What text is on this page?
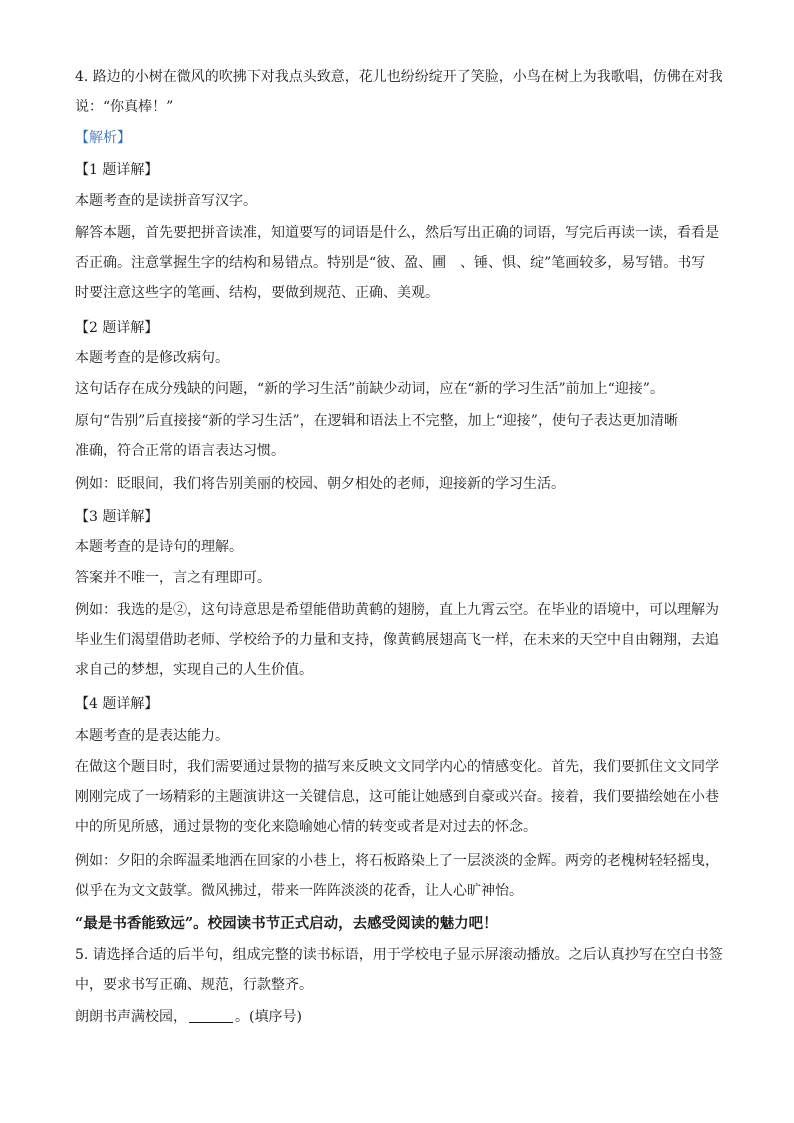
4. 路边的小树在微风的吹拂下对我点头致意，花儿也纷纷绽开了笑脸，小鸟在树上为我歌唱，仿佛在对我
说：“你真棒！”

【解析】

【1 题详解】

本题考查的是读拼音写汉字。

解答本题，首先要把拼音读准，知道要写的词语是什么，然后写出正确的词语，写完后再读一读，看看是
否正确。注意掌握生字的结构和易错点。特别是“彼、盈、圃　、锤、惧、绽”笔画较多，易写错。书写
时要注意这些字的笔画、结构，要做到规范、正确、美观。

【2 题详解】

本题考查的是修改病句。

这句话存在成分残缺的问题，“新的学习生活”前缺少动词，应在“新的学习生活”前加上“迎接”。

原句“告别”后直接接“新的学习生活”，在逻辑和语法上不完整，加上“迎接”，使句子表达更加清晰
准确，符合正常的语言表达习惯。

例如：眨眼间，我们将告别美丽的校园、朝夕相处的老师，迎接新的学习生活。

【3 题详解】

本题考查的是诗句的理解。

答案并不唯一，言之有理即可。

例如：我选的是②，这句诗意思是希望能借助黄鹤的翅膀，直上九霄云空。在毕业的语境中，可以理解为
毕业生们渴望借助老师、学校给予的力量和支持，像黄鹤展翅高飞一样，在未来的天空中自由翱翔，去追
求自己的梦想，实现自己的人生价值。

【4 题详解】

本题考查的是表达能力。

在做这个题目时，我们需要通过景物的描写来反映文文同学内心的情感变化。首先，我们要抓住文文同学
刚刚完成了一场精彩的主题演讲这一关键信息，这可能让她感到自豪或兴奋。接着，我们要描绘她在小巷
中的所见所感，通过景物的变化来隐喻她心情的转变或者是对过去的怀念。

例如：夕阳的余晖温柔地洒在回家的小巷上，将石板路染上了一层淡淡的金辉。两旁的老槐树轻轻摇曳，
似乎在为文文鼓掌。微风拂过，带来一阵阵淡淡的花香，让人心旷神怡。

“最是书香能致远”。校园读书节正式启动，去感受阅读的魅力吧！

5. 请选择合适的后半句，组成完整的读书标语，用于学校电子显示屏滚动播放。之后认真抄写在空白书签
中，要求书写正确、规范，行款整齐。

朗朗书声满校园，	。(填序号)
